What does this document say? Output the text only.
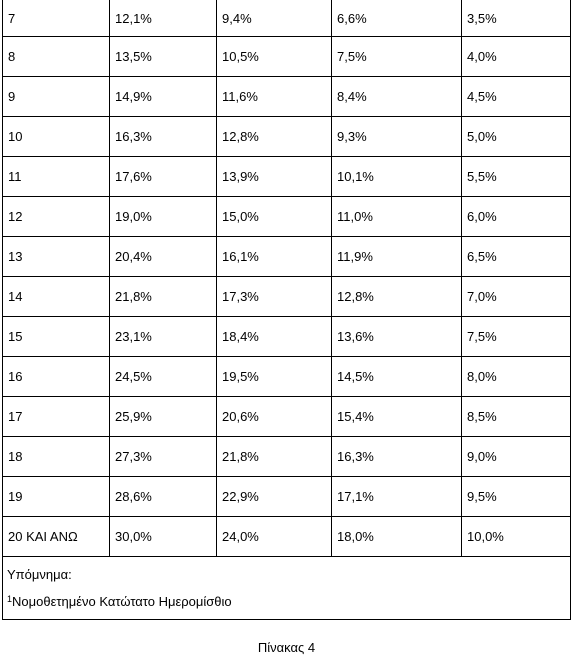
7	12,1%	9,4%	6,6%	3,5%
8	13,5%	10,5%	7,5%	4,0%
9	14,9%	11,6%	8,4%	4,5%
10	16,3%	12,8%	9,3%	5,0%
11	17,6%	13,9%	10,1%	5,5%
12	19,0%	15,0%	11,0%	6,0%
13	20,4%	16,1%	11,9%	6,5%
14	21,8%	17,3%	12,8%	7,0%
15	23,1%	18,4%	13,6%	7,5%
16	24,5%	19,5%	14,5%	8,0%
17	25,9%	20,6%	15,4%	8,5%
18	27,3%	21,8%	16,3%	9,0%
19	28,6%	22,9%	17,1%	9,5%
20 ΚΑΙ ΑΝΩ	30,0%	24,0%	18,0%	10,0%

Υπόμνημα:
$^1$Νομοθετημένο Κατώτατο Ημερομίσθιο				
Πίνακας 4
